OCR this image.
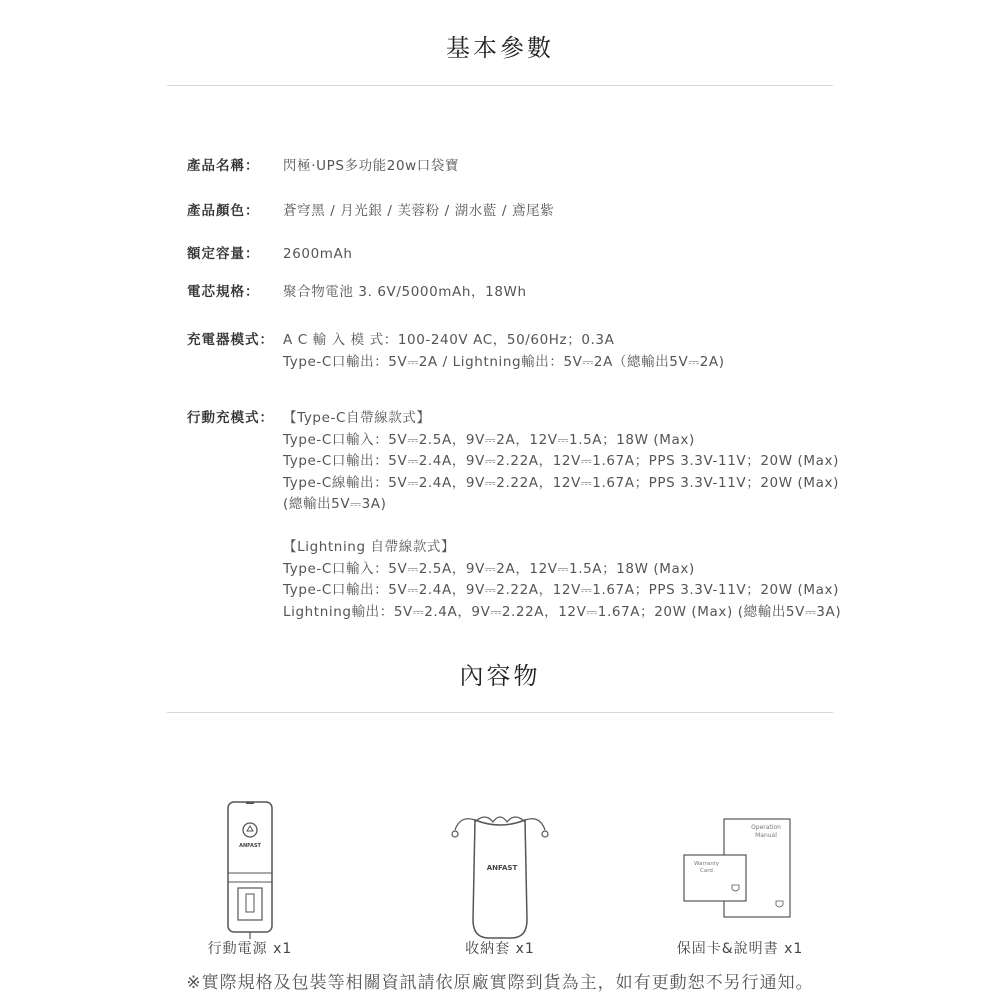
基本參數
產品名稱：	閃極·UPS多功能20w口袋寶
產品顏色：	蒼穹黑 / 月光銀 / 芙蓉粉 / 湖水藍 / 鳶尾紫
額定容量：	2600mAh
電芯規格：	聚合物電池 3. 6V/5000mAh，18Wh
充電器模式： A C 輸 入 模 式：100-240V AC，50/60Hz；0.3A
Type-C口輸出：5V⎓2A / Lightning輸出：5V⎓2A（總輸出5V⎓2A)
行動充模式： 【Type-C自帶線款式】
Type-C口輸入：5V⎓2.5A，9V⎓2A，12V⎓1.5A；18W (Max)
Type-C口輸出：5V⎓2.4A，9V⎓2.22A，12V⎓1.67A；PPS 3.3V-11V；20W (Max)
Type-C線輸出：5V⎓2.4A，9V⎓2.22A，12V⎓1.67A；PPS 3.3V-11V；20W (Max)
(總輸出5V⎓3A)
【Lightning 自帶線款式】
Type-C口輸入：5V⎓2.5A，9V⎓2A，12V⎓1.5A；18W (Max)
Type-C口輸出：5V⎓2.4A，9V⎓2.22A，12V⎓1.67A；PPS 3.3V-11V；20W (Max)
Lightning輸出：5V⎓2.4A，9V⎓2.22A，12V⎓1.67A；20W (Max) (總輸出5V⎓3A)
內容物
ANFAST
行動電源 x1
ANFAST
收納套 x1
Operation
Manual
Warranty
Card
保固卡&說明書 x1
※實際規格及包裝等相關資訊請依原廠實際到貨為主，如有更動恕不另行通知。
